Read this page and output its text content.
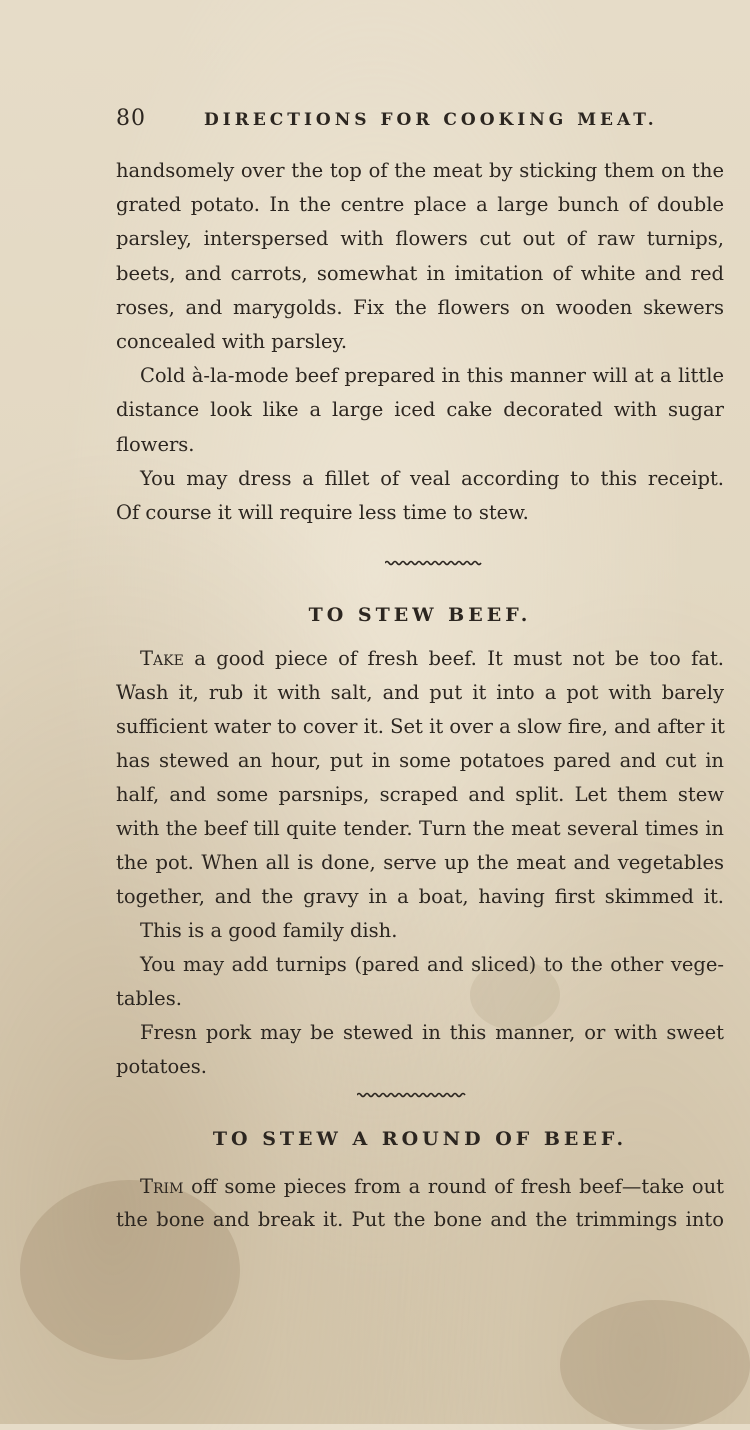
80	DIRECTIONS FOR COOKING MEAT.
handsomely over the top of the meat by sticking them on the
grated potato. In the centre place a large bunch of double
parsley, interspersed with flowers cut out of raw turnips,
beets, and carrots, somewhat in imitation of white and red
roses, and marygolds. Fix the flowers on wooden skewers
concealed with parsley.
Cold à-la-mode beef prepared in this manner will at a little
distance look like a large iced cake decorated with sugar
flowers.
You may dress a fillet of veal according to this receipt.
Of course it will require less time to stew.
TO STEW BEEF.
Take a good piece of fresh beef. It must not be too fat.
Wash it, rub it with salt, and put it into a pot with barely
sufficient water to cover it. Set it over a slow fire, and after it
has stewed an hour, put in some potatoes pared and cut in
half, and some parsnips, scraped and split. Let them stew
with the beef till quite tender. Turn the meat several times in
the pot. When all is done, serve up the meat and vegetables
together, and the gravy in a boat, having first skimmed it.
This is a good family dish.
You may add turnips (pared and sliced) to the other vege-
tables.
Fresn pork may be stewed in this manner, or with sweet
potatoes.
TO STEW A ROUND OF BEEF.
Trim off some pieces from a round of fresh beef—take out
the bone and break it. Put the bone and the trimmings into
